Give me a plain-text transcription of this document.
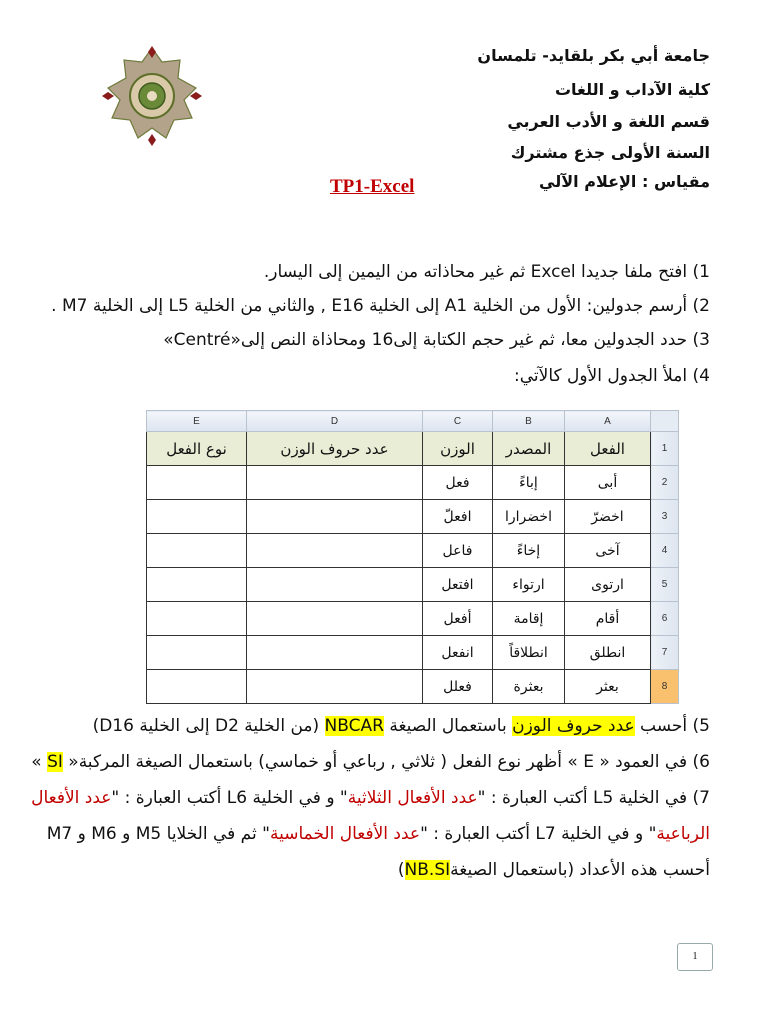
جامعة أبي بكر بلقايد- تلمسان
كلية الآداب و اللغات
قسم اللغة و الأدب العربي
السنة الأولى جذع مشترك
مقياس : الإعلام الآلي
TP1-Excel
1) افتح ملفا جديدا Excel ثم غير محاذاته من اليمين إلى اليسار.
2) أرسم جدولين: الأول من الخلية A1 إلى الخلية E16 , والثاني من الخلية L5 إلى الخلية M7 .
3) حدد الجدولين معا، ثم غير حجم الكتابة إلى16 ومحاذاة النص إلى«Centré»
4) املأ الجدول الأول كالآتي:
E	D	C	B	A	
نوع الفعل	عدد حروف الوزن	الوزن	المصدر	الفعل	1
		فعل	إباءً	أبى	2
		افعلّ	اخضرارا	اخضرّ	3
		فاعل	إخاءً	آخى	4
		افتعل	ارتواء	ارتوى	5
		أفعل	إقامة	أقام	6
		انفعل	انطلاقاً	انطلق	7
		فعلل	بعثرة	بعثر	8
5) أحسب عدد حروف الوزن باستعمال الصيغة NBCAR (من الخلية D2 إلى الخلية D16)
6) في العمود « E » أظهر نوع الفعل ( ثلاثي , رباعي أو خماسي) باستعمال الصيغة المركبة« SI »
7) في الخلية L5 أكتب العبارة : "عدد الأفعال الثلاثية" و في الخلية L6 أكتب العبارة : "عدد الأفعال
الرباعية" و في الخلية L7 أكتب العبارة : "عدد الأفعال الخماسية" ثم في الخلايا M5 و M6 و M7
أحسب هذه الأعداد (باستعمال الصيغةNB.SI)
1
